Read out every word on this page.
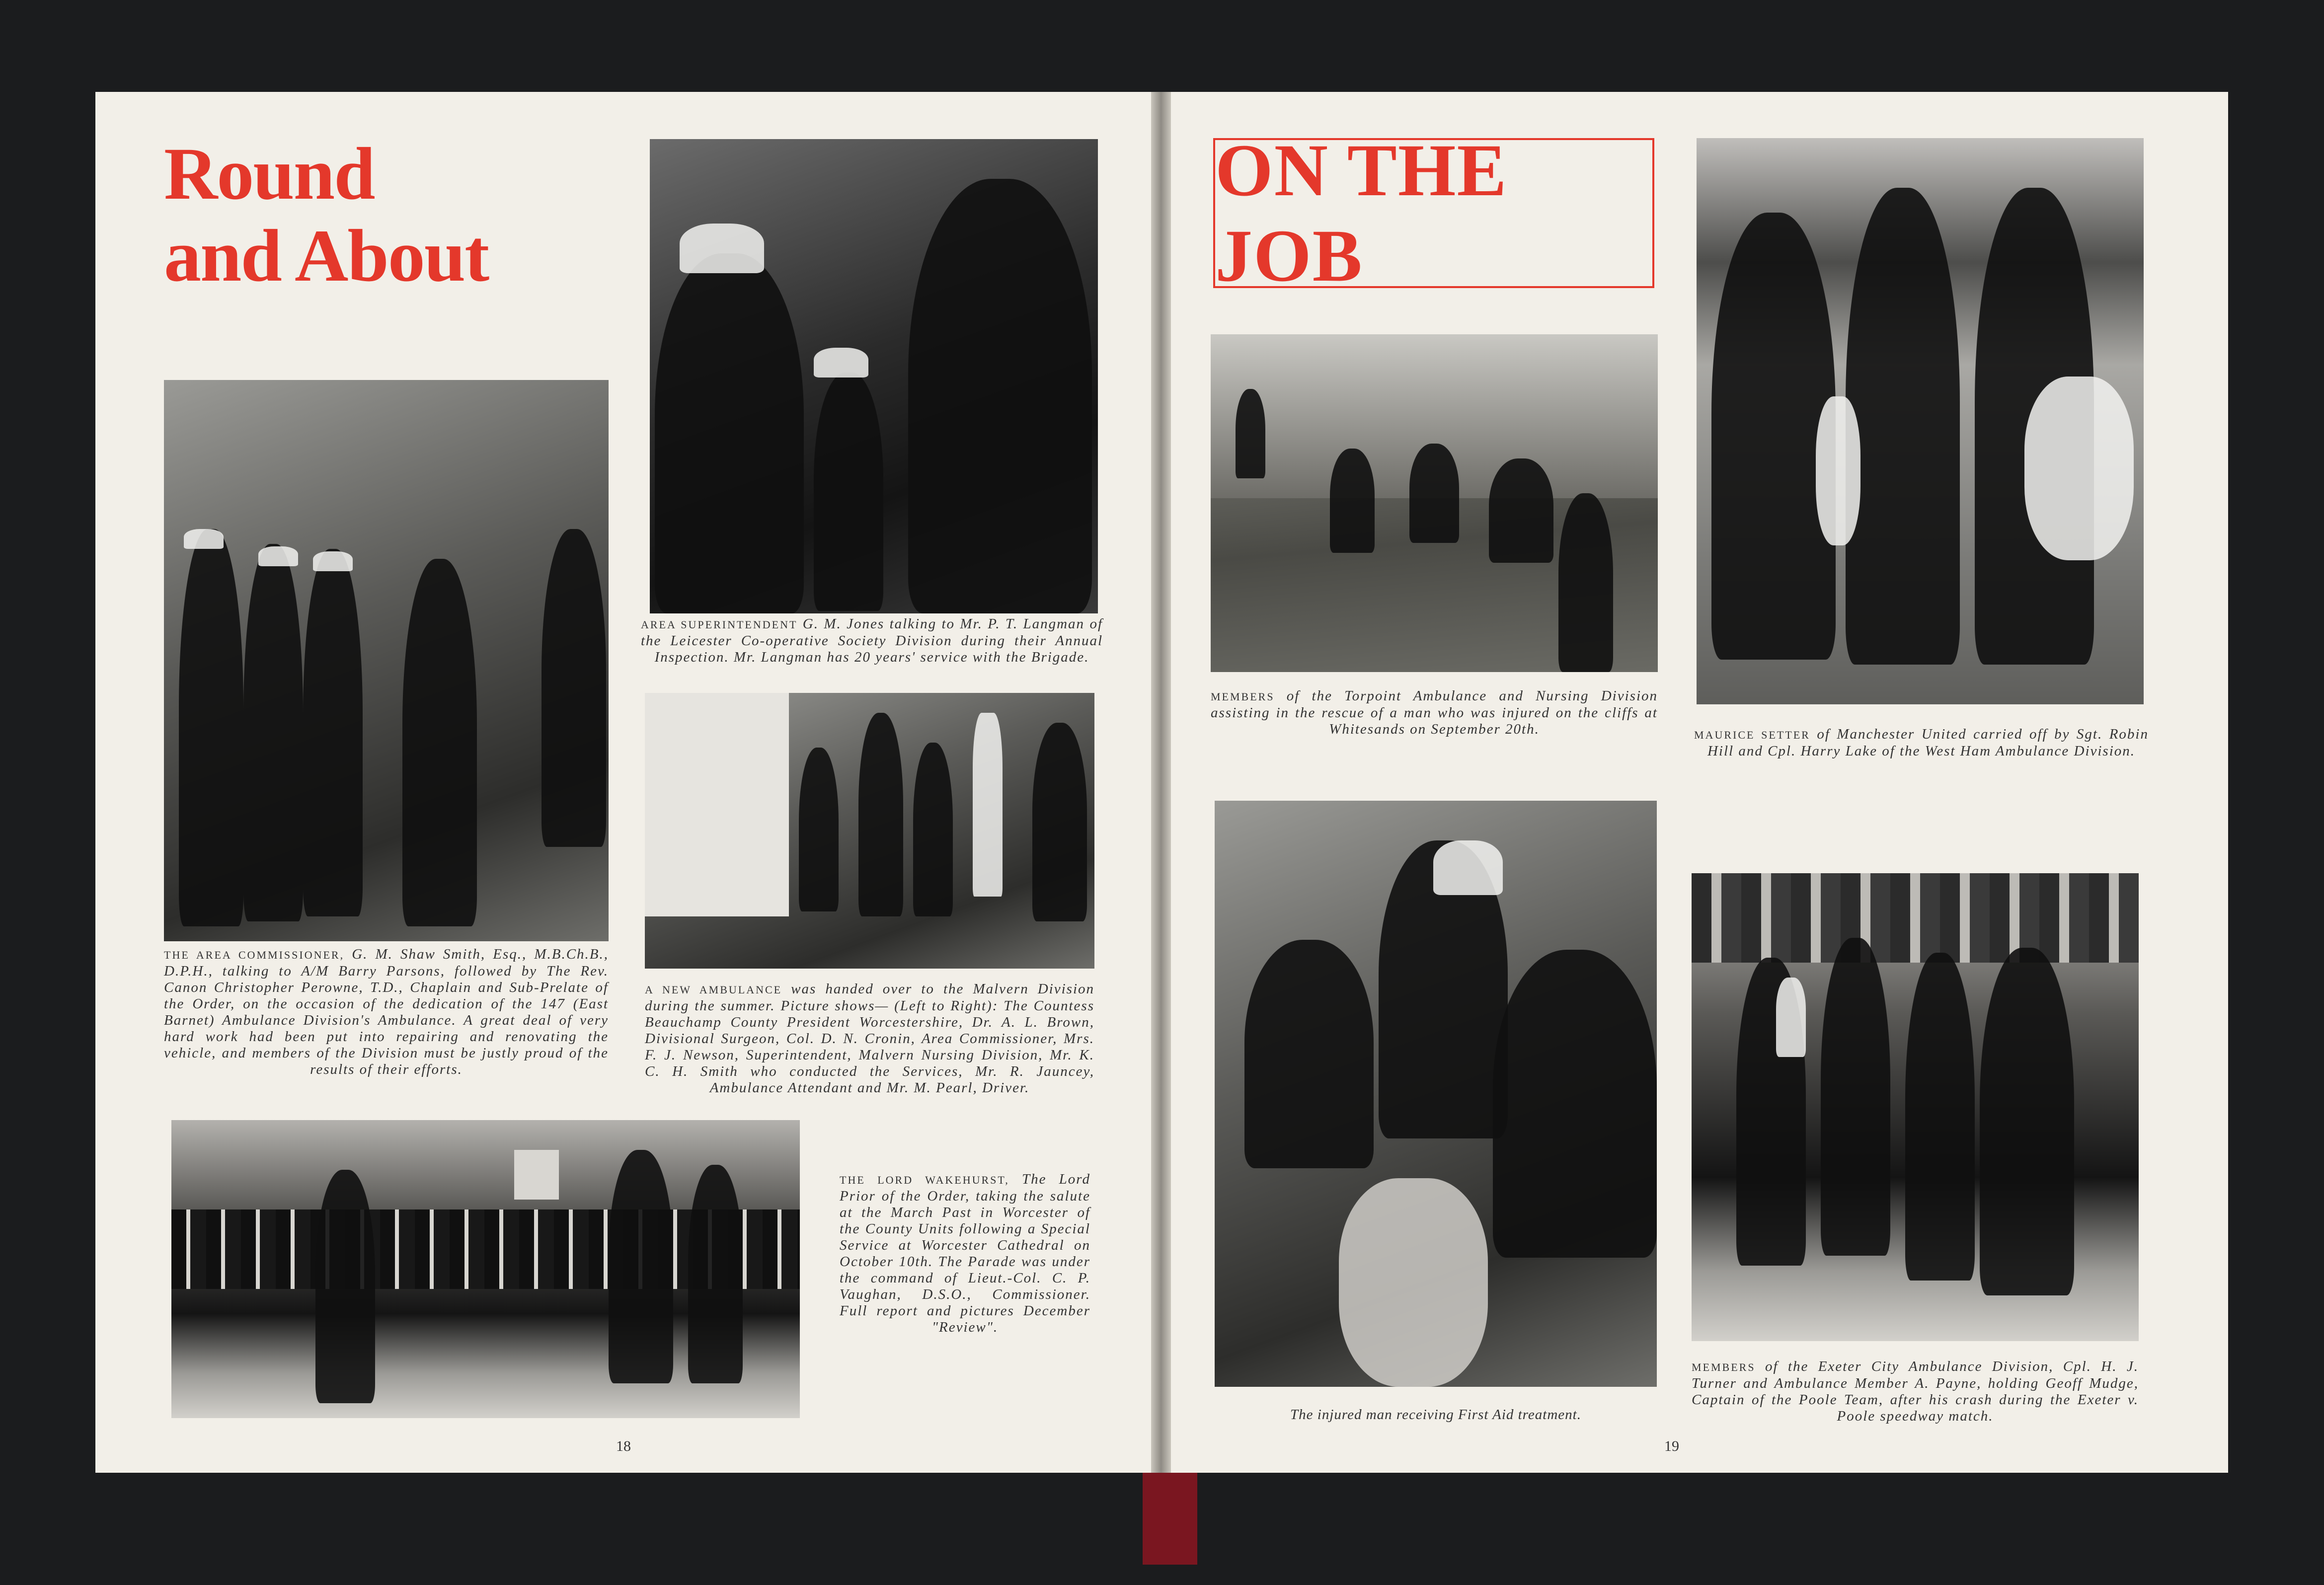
Round
and About
THE AREA COMMISSIONER, G. M. Shaw Smith, Esq., M.B.Ch.B., D.P.H., talking to A/M Barry Parsons, followed by The Rev. Canon Christopher Perowne, T.D., Chaplain and Sub-Prelate of the Order, on the occasion of the dedication of the 147 (East Barnet) Ambulance Division's Ambulance. A great deal of very hard work had been put into repairing and renovating the vehicle, and members of the Division must be justly proud of the results of their efforts.
AREA SUPERINTENDENT G. M. Jones talking to Mr. P. T. Langman of the Leicester Co-operative Society Division during their Annual Inspection. Mr. Langman has 20 years' service with the Brigade.
A NEW AMBULANCE was handed over to the Malvern Division during the summer. Picture shows— (Left to Right): The Countess Beauchamp County President Worcestershire, Dr. A. L. Brown, Divisional Surgeon, Col. D. N. Cronin, Area Commissioner, Mrs. F. J. Newson, Superintendent, Malvern Nursing Division, Mr. K. C. H. Smith who conducted the Services, Mr. R. Jauncey, Ambulance Attendant and Mr. M. Pearl, Driver.
THE LORD WAKEHURST, The Lord Prior of the Order, taking the salute at the March Past in Worcester of the County Units following a Special Service at Worcester Cathedral on October 10th. The Parade was under the command of Lieut.-Col. C. P. Vaughan, D.S.O., Commissioner. Full report and pictures December "Review".
18
ON THE JOB
MEMBERS of the Torpoint Ambulance and Nursing Division assisting in the rescue of a man who was injured on the cliffs at Whitesands on September 20th.	MAURICE SETTER of Manchester United carried off by Sgt. Robin Hill and Cpl. Harry Lake of the West Ham Ambulance Division.
The injured man receiving First Aid treatment.
MEMBERS of the Exeter City Ambulance Division, Cpl. H. J. Turner and Ambulance Member A. Payne, holding Geoff Mudge, Captain of the Poole Team, after his crash during the Exeter v. Poole speedway match.
19
